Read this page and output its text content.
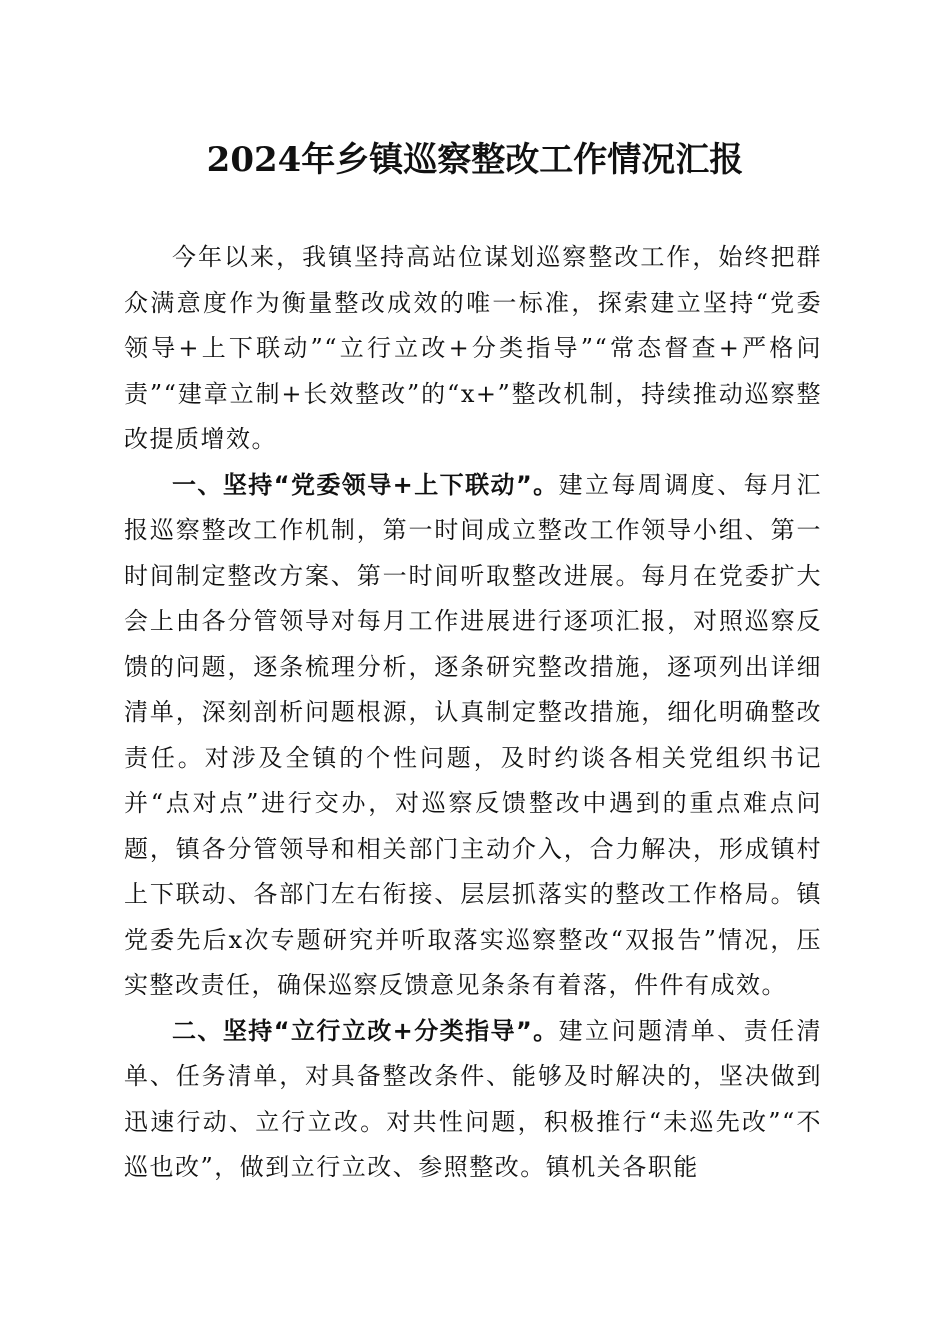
2024年乡镇巡察整改工作情况汇报

今年以来，我镇坚持高站位谋划巡察整改工作，始终把群众满意度作为衡量整改成效的唯一标准，探索建立坚持“党委领导+上下联动”“立行立改+分类指导”“常态督查+严格问责”“建章立制+长效整改”的“x+”整改机制，持续推动巡察整改提质增效。

一、坚持“党委领导+上下联动”。建立每周调度、每月汇报巡察整改工作机制，第一时间成立整改工作领导小组、第一时间制定整改方案、第一时间听取整改进展。每月在党委扩大会上由各分管领导对每月工作进展进行逐项汇报，对照巡察反馈的问题，逐条梳理分析，逐条研究整改措施，逐项列出详细清单，深刻剖析问题根源，认真制定整改措施，细化明确整改责任。对涉及全镇的个性问题，及时约谈各相关党组织书记并“点对点”进行交办，对巡察反馈整改中遇到的重点难点问题，镇各分管领导和相关部门主动介入，合力解决，形成镇村上下联动、各部门左右衔接、层层抓落实的整改工作格局。镇党委先后x次专题研究并听取落实巡察整改“双报告”情况，压实整改责任，确保巡察反馈意见条条有着落，件件有成效。

二、坚持“立行立改+分类指导”。建立问题清单、责任清单、任务清单，对具备整改条件、能够及时解决的，坚决做到迅速行动、立行立改。对共性问题，积极推行“未巡先改”“不巡也改”，做到立行立改、参照整改。镇机关各职能
